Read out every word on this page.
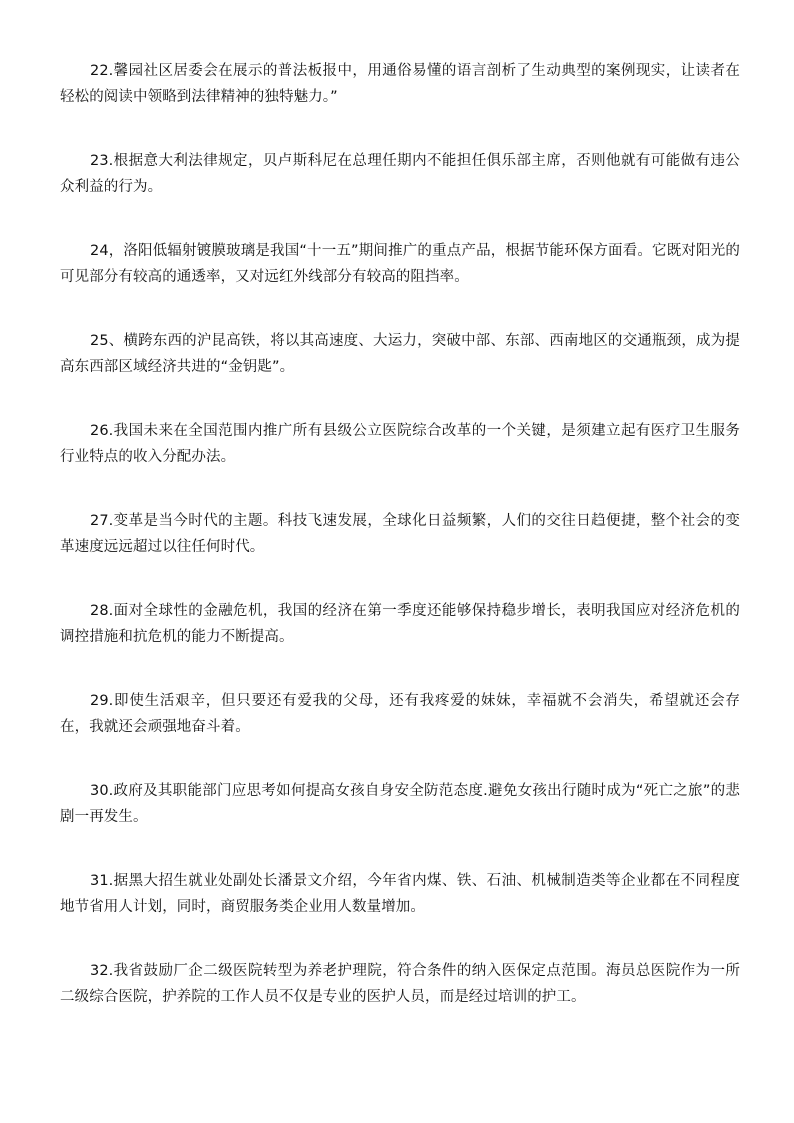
22.馨园社区居委会在展示的普法板报中，用通俗易懂的语言剖析了生动典型的案例现实，让读者在轻松的阅读中领略到法律精神的独特魅力。”

23.根据意大利法律规定，贝卢斯科尼在总理任期内不能担任俱乐部主席，否则他就有可能做有违公众利益的行为。

24，洛阳低辐射镀膜玻璃是我国“十一五”期间推广的重点产品，根据节能环保方面看。它既对阳光的可见部分有较高的通透率，又对远红外线部分有较高的阻挡率。

25、横跨东西的沪昆高铁，将以其高速度、大运力，突破中部、东部、西南地区的交通瓶颈，成为提高东西部区域经济共进的“金钥匙”。

26.我国未来在全国范围内推广所有县级公立医院综合改革的一个关键，是须建立起有医疗卫生服务行业特点的收入分配办法。

27.变革是当今时代的主题。科技飞速发展，全球化日益频繁，人们的交往日趋便捷，整个社会的变革速度远远超过以往任何时代。

28.面对全球性的金融危机，我国的经济在第一季度还能够保持稳步增长，表明我国应对经济危机的调控措施和抗危机的能力不断提高。

29.即使生活艰辛，但只要还有爱我的父母，还有我疼爱的妹妹，幸福就不会消失，希望就还会存在，我就还会顽强地奋斗着。

30.政府及其职能部门应思考如何提高女孩自身安全防范态度.避免女孩出行随时成为“死亡之旅”的悲剧一再发生。

31.据黑大招生就业处副处长潘景文介绍，今年省内煤、铁、石油、机械制造类等企业都在不同程度地节省用人计划，同时，商贸服务类企业用人数量增加。

32.我省鼓励厂企二级医院转型为养老护理院，符合条件的纳入医保定点范围。海员总医院作为一所二级综合医院，护养院的工作人员不仅是专业的医护人员，而是经过培训的护工。
